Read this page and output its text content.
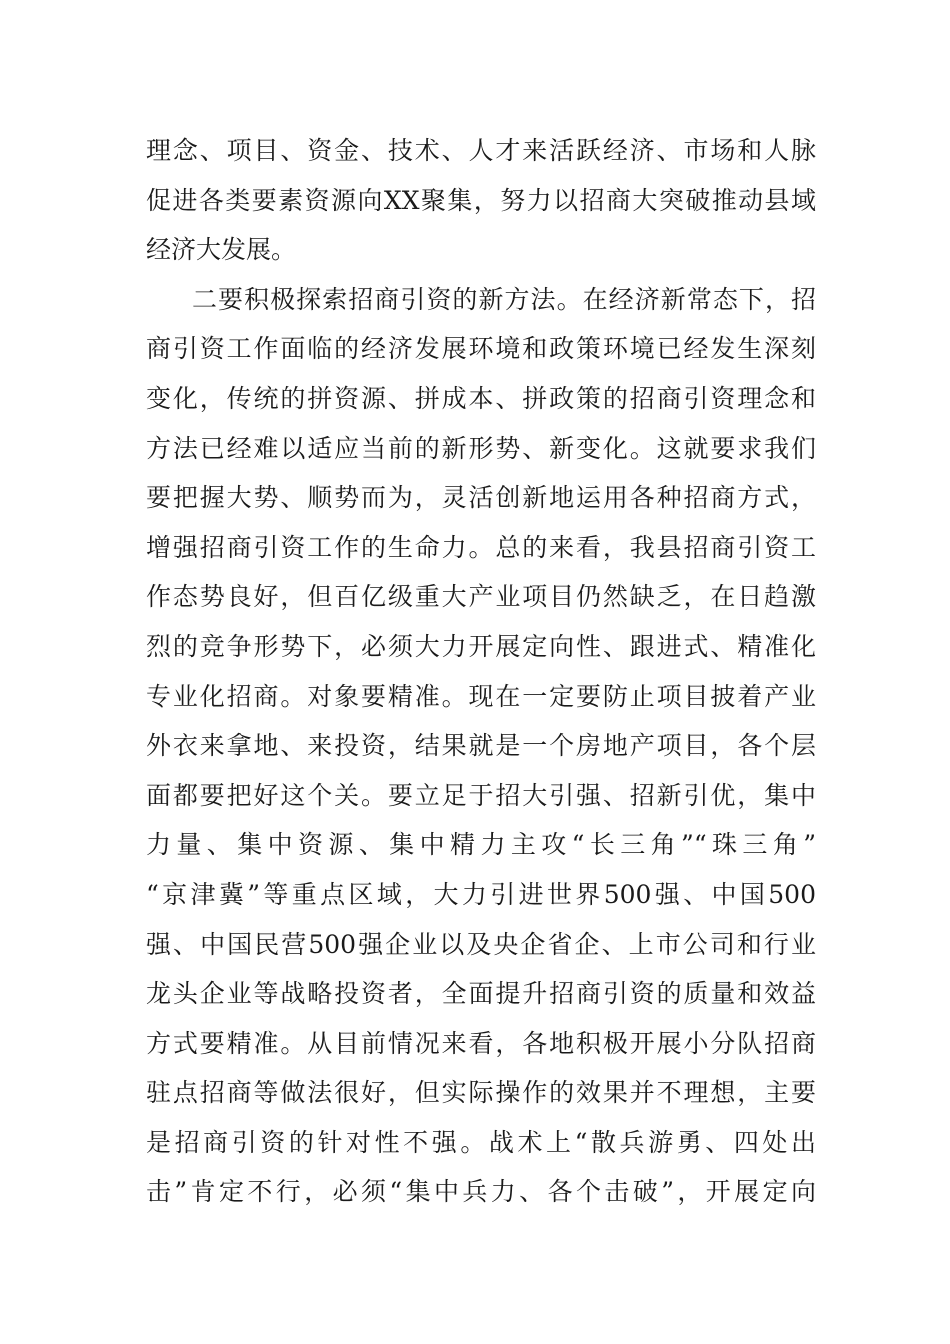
理念、项目、资金、技术、人才来活跃经济、市场和人脉
促进各类要素资源向XX聚集，努力以招商大突破推动县域
经济大发展。
二要积极探索招商引资的新方法。在经济新常态下，招
商引资工作面临的经济发展环境和政策环境已经发生深刻
变化，传统的拼资源、拼成本、拼政策的招商引资理念和
方法已经难以适应当前的新形势、新变化。这就要求我们
要把握大势、顺势而为，灵活创新地运用各种招商方式，
增强招商引资工作的生命力。总的来看，我县招商引资工
作态势良好，但百亿级重大产业项目仍然缺乏，在日趋激
烈的竞争形势下，必须大力开展定向性、跟进式、精准化
专业化招商。对象要精准。现在一定要防止项目披着产业
外衣来拿地、来投资，结果就是一个房地产项目，各个层
面都要把好这个关。要立足于招大引强、招新引优，集中
力量、集中资源、集中精力主攻“长三角”“珠三角”
“京津冀”等重点区域，大力引进世界500强、中国500
强、中国民营500强企业以及央企省企、上市公司和行业
龙头企业等战略投资者，全面提升招商引资的质量和效益
方式要精准。从目前情况来看，各地积极开展小分队招商
驻点招商等做法很好，但实际操作的效果并不理想，主要
是招商引资的针对性不强。战术上“散兵游勇、四处出
击”肯定不行，必须“集中兵力、各个击破”，开展定向
